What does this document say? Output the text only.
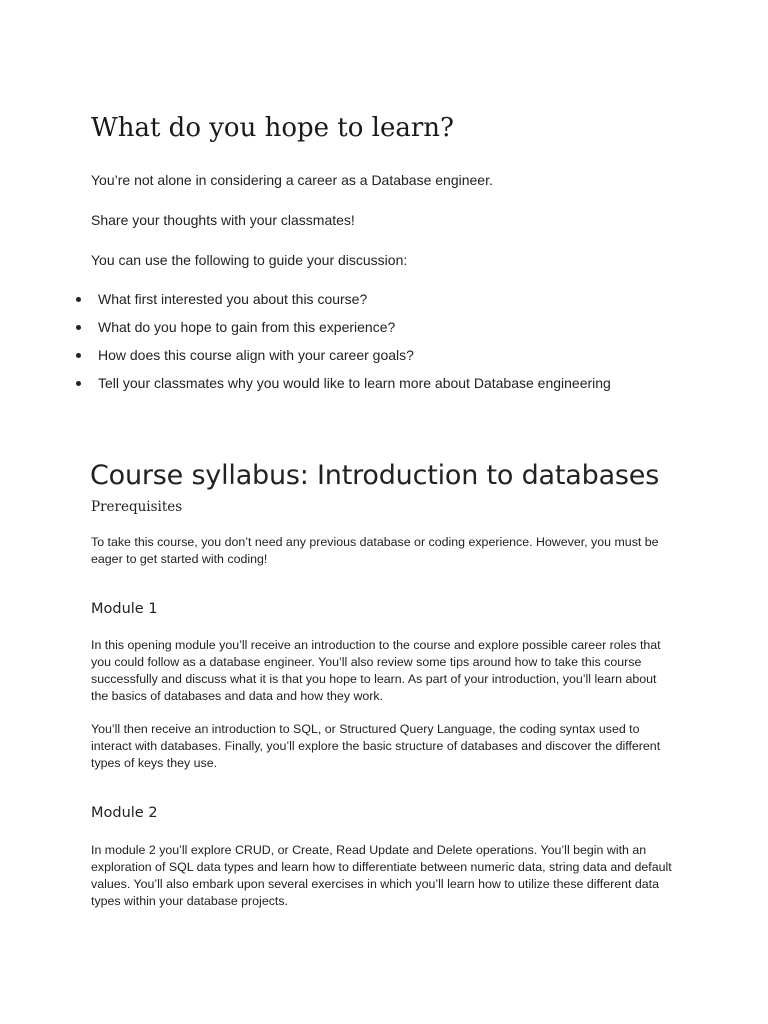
What do you hope to learn?

You’re not alone in considering a career as a Database engineer.

Share your thoughts with your classmates!

You can use the following to guide your discussion:

What first interested you about this course?
What do you hope to gain from this experience?
How does this course align with your career goals?
Tell your classmates why you would like to learn more about Database engineering
Course syllabus: Introduction to databases
Prerequisites

To take this course, you don’t need any previous database or coding experience. However, you must be
eager to get started with coding!

Module 1

In this opening module you’ll receive an introduction to the course and explore possible career roles that
you could follow as a database engineer. You’ll also review some tips around how to take this course
successfully and discuss what it is that you hope to learn. As part of your introduction, you’ll learn about
the basics of databases and data and how they work.

You’ll then receive an introduction to SQL, or Structured Query Language, the coding syntax used to
interact with databases. Finally, you’ll explore the basic structure of databases and discover the different
types of keys they use.

Module 2

In module 2 you’ll explore CRUD, or Create, Read Update and Delete operations. You’ll begin with an
exploration of SQL data types and learn how to differentiate between numeric data, string data and default
values. You’ll also embark upon several exercises in which you’ll learn how to utilize these different data
types within your database projects.
